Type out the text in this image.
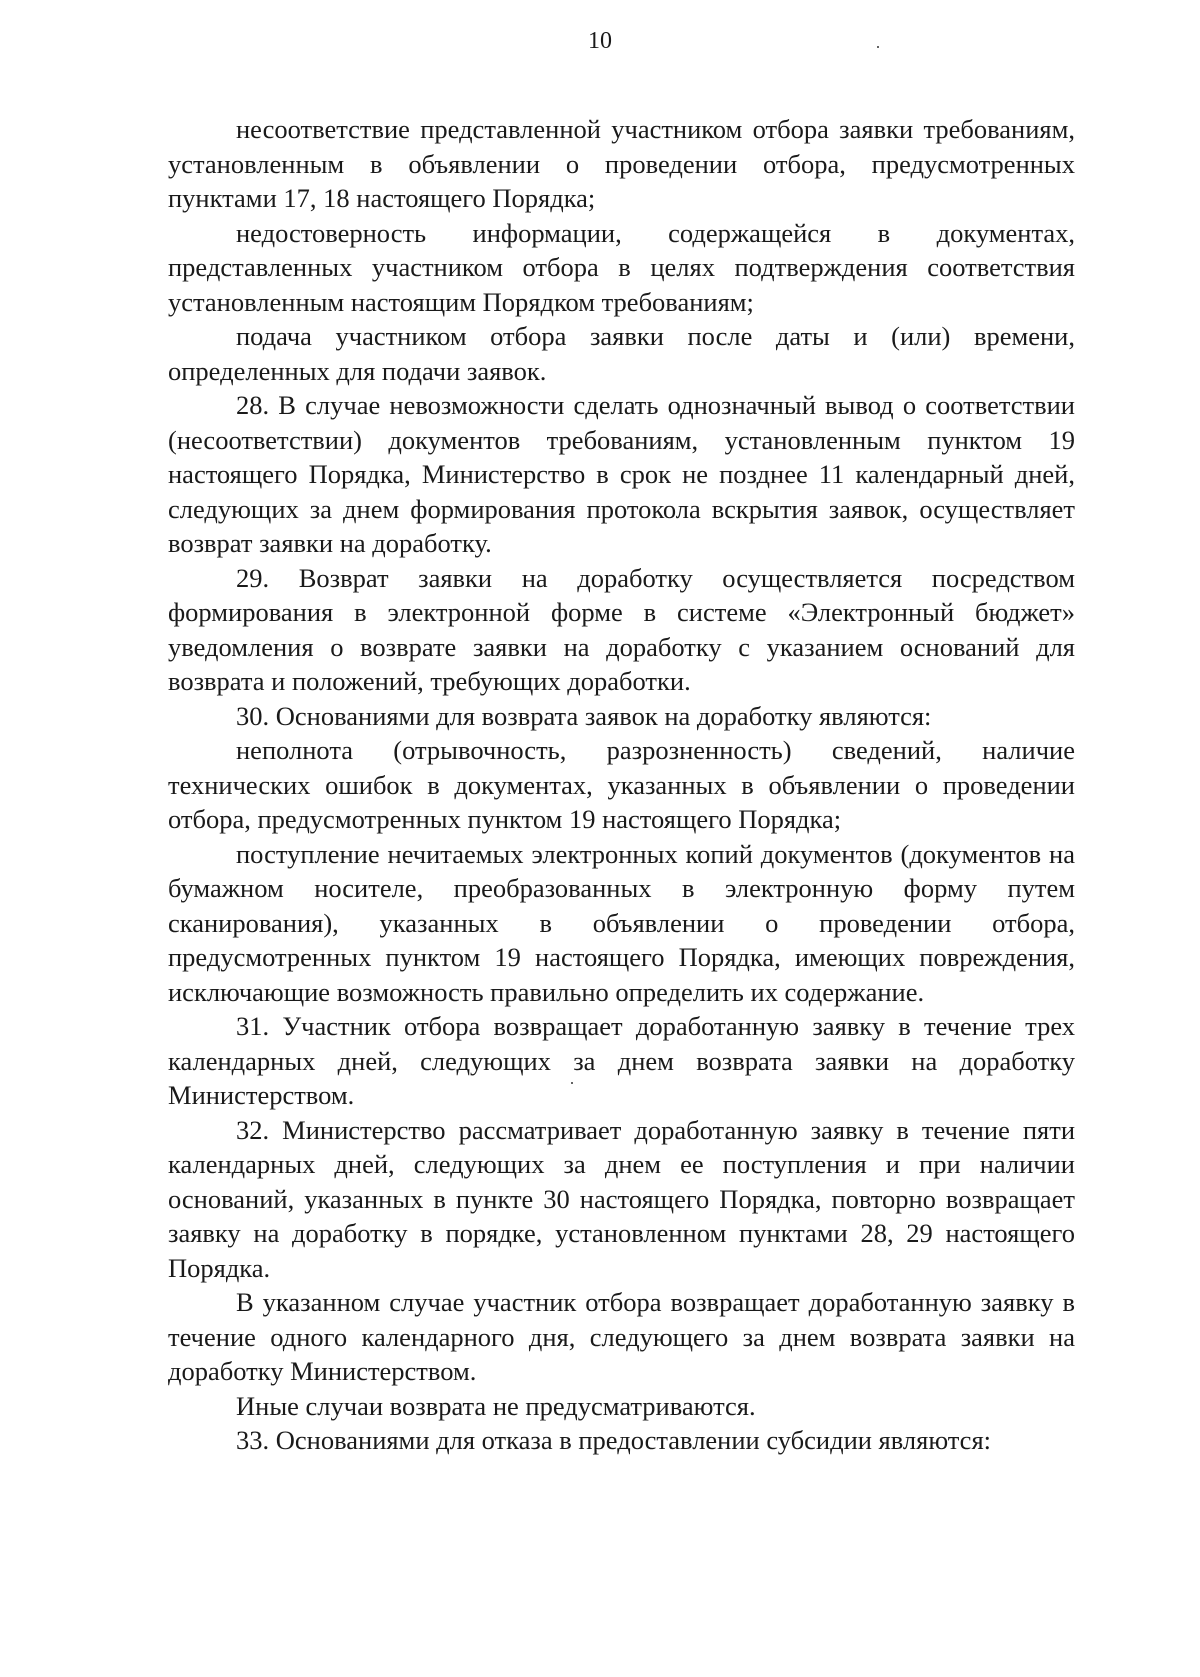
10

несоответствие представленной участником отбора заявки требованиям, установленным в объявлении о проведении отбора, предусмотренных пунктами 17, 18 настоящего Порядка;

недостоверность информации, содержащейся в документах, представленных участником отбора в целях подтверждения соответствия установленным настоящим Порядком требованиям;

подача участником отбора заявки после даты и (или) времени, определенных для подачи заявок.

28. В случае невозможности сделать однозначный вывод о соответствии (несоответствии) документов требованиям, установленным пунктом 19 настоящего Порядка, Министерство в срок не позднее 11 календарный дней, следующих за днем формирования протокола вскрытия заявок, осуществляет возврат заявки на доработку.

29. Возврат заявки на доработку осуществляется посредством формирования в электронной форме в системе «Электронный бюджет» уведомления о возврате заявки на доработку с указанием оснований для возврата и положений, требующих доработки.

30. Основаниями для возврата заявок на доработку являются:

неполнота (отрывочность, разрозненность) сведений, наличие технических ошибок в документах, указанных в объявлении о проведении отбора, предусмотренных пунктом 19 настоящего Порядка;

поступление нечитаемых электронных копий документов (документов на бумажном носителе, преобразованных в электронную форму путем сканирования), указанных в объявлении о проведении отбора, предусмотренных пунктом 19 настоящего Порядка, имеющих повреждения, исключающие возможность правильно определить их содержание.

31. Участник отбора возвращает доработанную заявку в течение трех календарных дней, следующих за днем возврата заявки на доработку Министерством.

32. Министерство рассматривает доработанную заявку в течение пяти календарных дней, следующих за днем ее поступления и при наличии оснований, указанных в пункте 30 настоящего Порядка, повторно возвращает заявку на доработку в порядке, установленном пунктами 28, 29 настоящего Порядка.

В указанном случае участник отбора возвращает доработанную заявку в течение одного календарного дня, следующего за днем возврата заявки на доработку Министерством.

Иные случаи возврата не предусматриваются.

33. Основаниями для отказа в предоставлении субсидии являются:
